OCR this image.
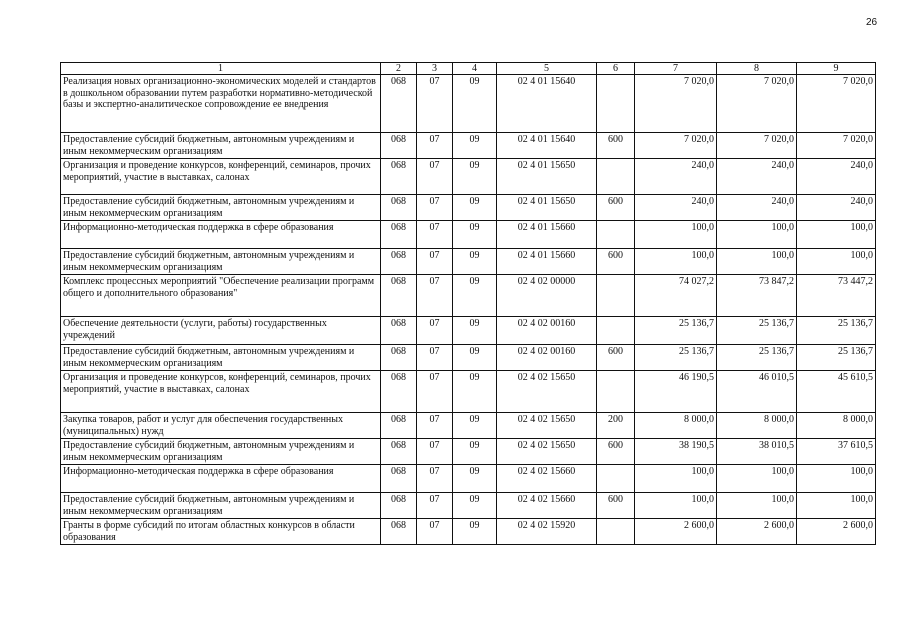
26
1	2	3	4	5	6	7	8	9
Реализация новых организационно-экономических моделей и стандартов в дошкольном образовании путем разработки нормативно-методической базы и экспертно-аналитическое сопровождение ее внедрения	068	07	09	02 4 01 15640		7 020,0	7 020,0	7 020,0
Предоставление субсидий бюджетным, автономным учреждениям и иным некоммерческим организациям	068	07	09	02 4 01 15640	600	7 020,0	7 020,0	7 020,0
Организация и проведение конкурсов, конференций, семинаров, прочих мероприятий, участие в выставках, салонах	068	07	09	02 4 01 15650		240,0	240,0	240,0
Предоставление субсидий бюджетным, автономным учреждениям и иным некоммерческим организациям	068	07	09	02 4 01 15650	600	240,0	240,0	240,0
Информационно-методическая поддержка в сфере образования	068	07	09	02 4 01 15660		100,0	100,0	100,0
Предоставление субсидий бюджетным, автономным учреждениям и иным некоммерческим организациям	068	07	09	02 4 01 15660	600	100,0	100,0	100,0
Комплекс процессных мероприятий "Обеспечение реализации программ общего и дополнительного образования"	068	07	09	02 4 02 00000		74 027,2	73 847,2	73 447,2
Обеспечение деятельности (услуги, работы) государственных учреждений	068	07	09	02 4 02 00160		25 136,7	25 136,7	25 136,7
Предоставление субсидий бюджетным, автономным учреждениям и иным некоммерческим организациям	068	07	09	02 4 02 00160	600	25 136,7	25 136,7	25 136,7
Организация и проведение конкурсов, конференций, семинаров, прочих мероприятий, участие в выставках, салонах	068	07	09	02 4 02 15650		46 190,5	46 010,5	45 610,5
Закупка товаров, работ и услуг для обеспечения государственных (муниципальных) нужд	068	07	09	02 4 02 15650	200	8 000,0	8 000,0	8 000,0
Предоставление субсидий бюджетным, автономным учреждениям и иным некоммерческим организациям	068	07	09	02 4 02 15650	600	38 190,5	38 010,5	37 610,5
Информационно-методическая поддержка в сфере образования	068	07	09	02 4 02 15660		100,0	100,0	100,0
Предоставление субсидий бюджетным, автономным учреждениям и иным некоммерческим организациям	068	07	09	02 4 02 15660	600	100,0	100,0	100,0
Гранты в форме субсидий по итогам областных конкурсов в области образования	068	07	09	02 4 02 15920		2 600,0	2 600,0	2 600,0
